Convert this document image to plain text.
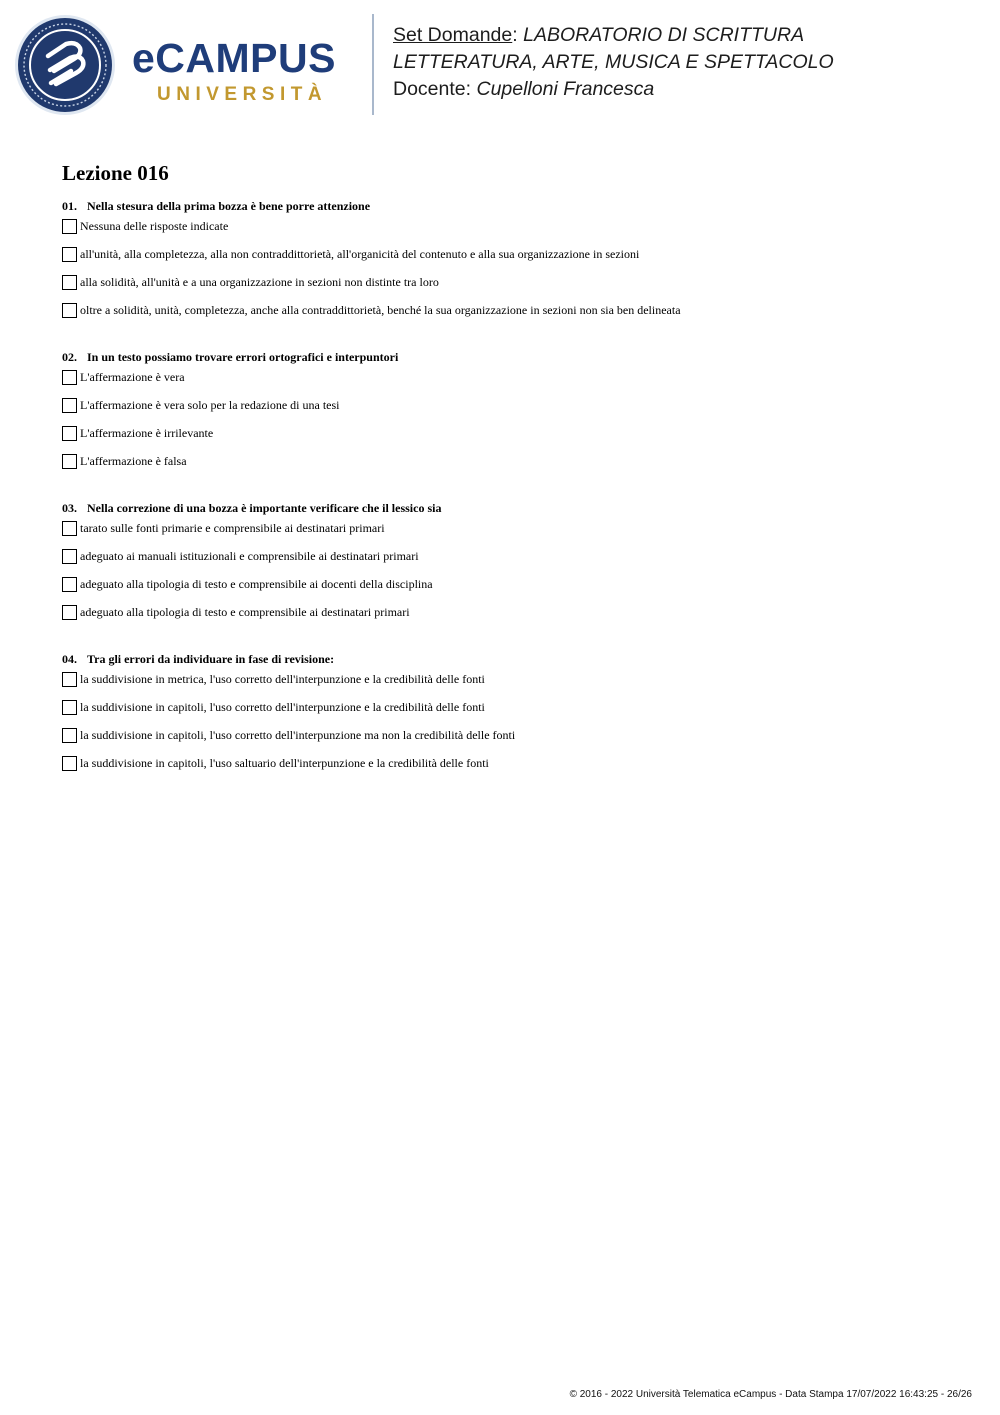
eCAMPUS
UNIVERSITÀ
Set Domande: LABORATORIO DI SCRITTURA
LETTERATURA, ARTE, MUSICA E SPETTACOLO
Docente: Cupelloni Francesca
Lezione 016
01. Nella stesura della prima bozza è bene porre attenzione
Nessuna delle risposte indicate
all'unità, alla completezza, alla non contraddittorietà, all'organicità del contenuto e alla sua organizzazione in sezioni
alla solidità, all'unità e a una organizzazione in sezioni non distinte tra loro
oltre a solidità, unità, completezza, anche alla contraddittorietà, benché la sua organizzazione in sezioni non sia ben delineata
02. In un testo possiamo trovare errori ortografici e interpuntori
L'affermazione è vera
L'affermazione è vera solo per la redazione di una tesi
L'affermazione è irrilevante
L'affermazione è falsa
03. Nella correzione di una bozza è importante verificare che il lessico sia
tarato sulle fonti primarie e comprensibile ai destinatari primari
adeguato ai manuali istituzionali e comprensibile ai destinatari primari
adeguato alla tipologia di testo e comprensibile ai docenti della disciplina
adeguato alla tipologia di testo e comprensibile ai destinatari primari
04. Tra gli errori da individuare in fase di revisione:
la suddivisione in metrica, l'uso corretto dell'interpunzione e la credibilità delle fonti
la suddivisione in capitoli, l'uso corretto dell'interpunzione e la credibilità delle fonti
la suddivisione in capitoli, l'uso corretto dell'interpunzione ma non la credibilità delle fonti
la suddivisione in capitoli, l'uso saltuario dell'interpunzione e la credibilità delle fonti
© 2016 - 2022 Università Telematica eCampus - Data Stampa 17/07/2022 16:43:25 - 26/26
